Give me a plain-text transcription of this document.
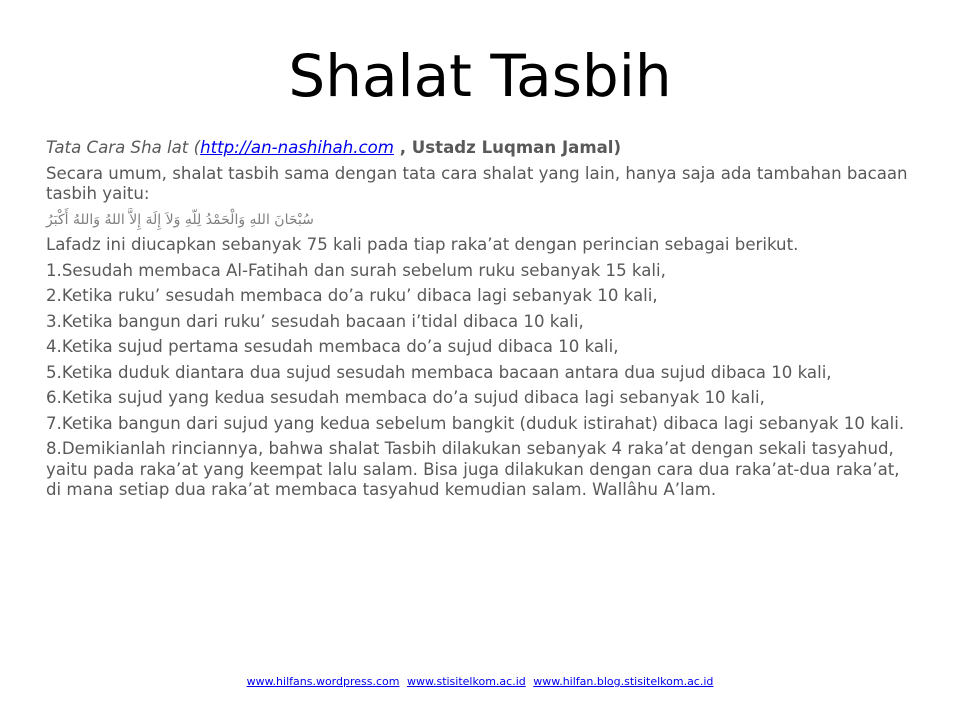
Shalat Tasbih

Tata Cara Sha lat (http://an-nashihah.com , Ustadz Luqman Jamal)

Secara umum, shalat tasbih sama dengan tata cara shalat yang lain, hanya saja ada tambahan bacaan tasbih yaitu:

سُبْحَانَ اللهِ وَالْحَمْدُ لِلّهِ وَلاَ إِلَهَ إِلاَّ اللهُ وَاللهُ أَكْبَرُ

Lafadz ini diucapkan sebanyak 75 kali pada tiap raka’at dengan perincian sebagai berikut.

1.Sesudah membaca Al-Fatihah dan surah sebelum ruku sebanyak 15 kali,

2.Ketika ruku’ sesudah membaca do’a ruku’ dibaca lagi sebanyak 10 kali,

3.Ketika bangun dari ruku’ sesudah bacaan i’tidal dibaca 10 kali,

4.Ketika sujud pertama sesudah membaca do’a sujud dibaca 10 kali,

5.Ketika duduk diantara dua sujud sesudah membaca bacaan antara dua sujud dibaca 10 kali,

6.Ketika sujud yang kedua sesudah membaca do’a sujud dibaca lagi sebanyak 10 kali,

7.Ketika bangun dari sujud yang kedua sebelum bangkit (duduk istirahat) dibaca lagi sebanyak 10 kali.

8.Demikianlah rinciannya, bahwa shalat Tasbih dilakukan sebanyak 4 raka’at dengan sekali tasyahud, yaitu pada raka’at yang keempat lalu salam. Bisa juga dilakukan dengan cara dua raka’at-dua raka’at, di mana setiap dua raka’at membaca tasyahud kemudian salam. Wallâhu A’lam.

www.hilfans.wordpress.com www.stisitelkom.ac.id www.hilfan.blog.stisitelkom.ac.id
